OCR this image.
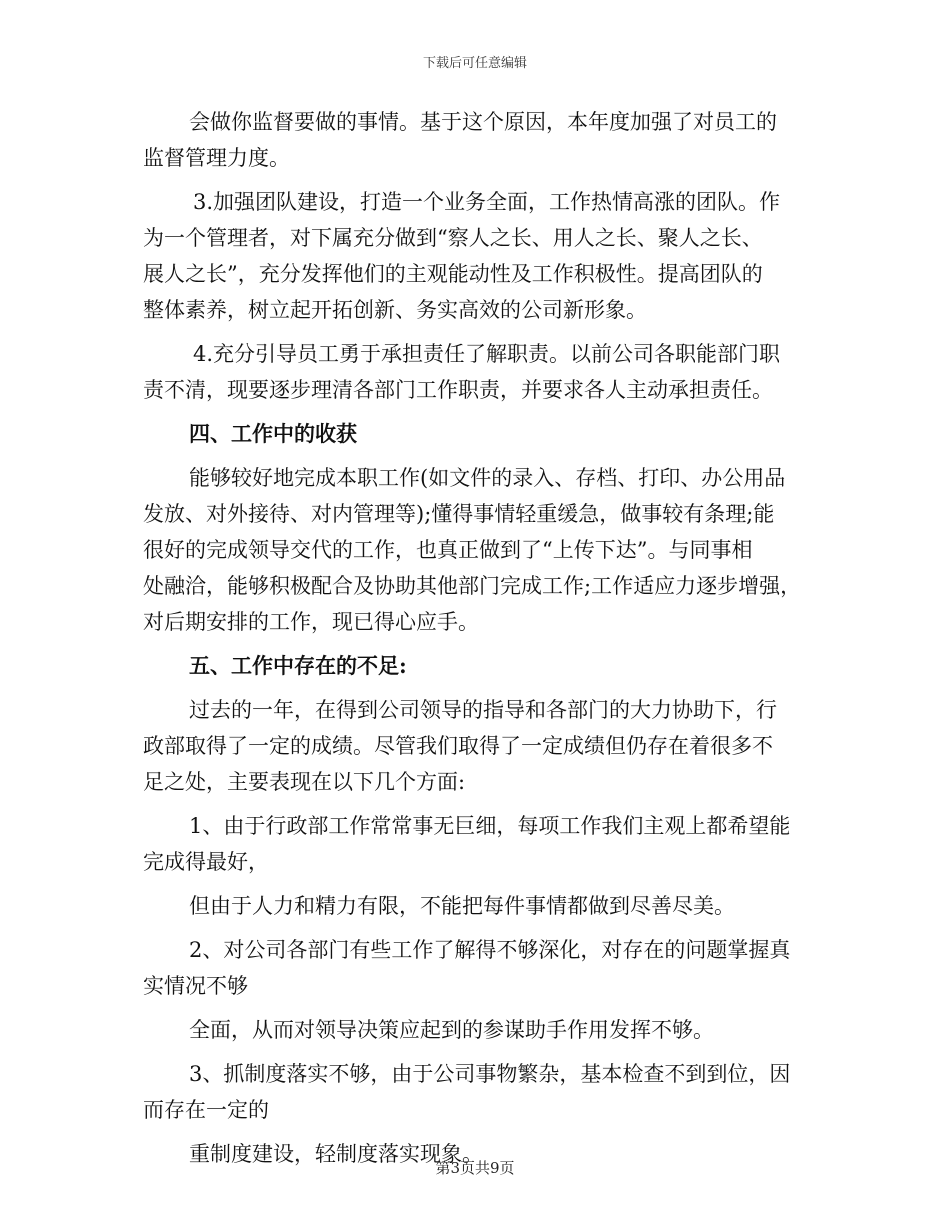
下载后可任意编辑
会做你监督要做的事情。基于这个原因，本年度加强了对员工的
监督管理力度。
3.加强团队建设，打造一个业务全面，工作热情高涨的团队。作
为一个管理者，对下属充分做到“察人之长、用人之长、聚人之长、
展人之长”，充分发挥他们的主观能动性及工作积极性。提高团队的
整体素养，树立起开拓创新、务实高效的公司新形象。
4.充分引导员工勇于承担责任了解职责。以前公司各职能部门职
责不清，现要逐步理清各部门工作职责，并要求各人主动承担责任。
四、工作中的收获
能够较好地完成本职工作(如文件的录入、存档、打印、办公用品
发放、对外接待、对内管理等);懂得事情轻重缓急，做事较有条理;能
很好的完成领导交代的工作，也真正做到了“上传下达”。与同事相
处融洽，能够积极配合及协助其他部门完成工作;工作适应力逐步增强，
对后期安排的工作，现已得心应手。
五、工作中存在的不足:
过去的一年，在得到公司领导的指导和各部门的大力协助下，行
政部取得了一定的成绩。尽管我们取得了一定成绩但仍存在着很多不
足之处，主要表现在以下几个方面:
1、由于行政部工作常常事无巨细，每项工作我们主观上都希望能
完成得最好，
但由于人力和精力有限，不能把每件事情都做到尽善尽美。
2、对公司各部门有些工作了解得不够深化，对存在的问题掌握真
实情况不够
全面，从而对领导决策应起到的参谋助手作用发挥不够。
3、抓制度落实不够，由于公司事物繁杂，基本检查不到到位，因
而存在一定的
重制度建设，轻制度落实现象。
第3页共9页
